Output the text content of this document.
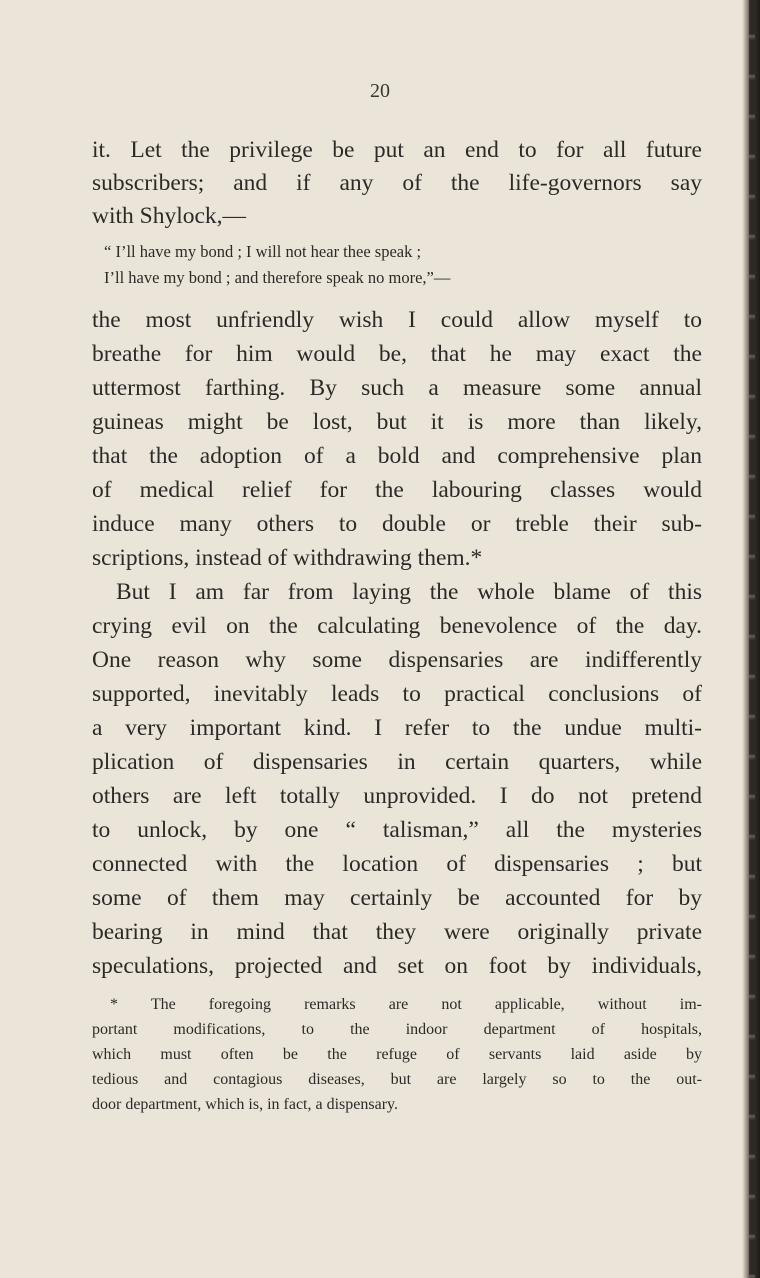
20
it. Let the privilege be put an end to for all future
subscribers; and if any of the life-governors say
with Shylock,—
“ I’ll have my bond ; I will not hear thee speak ;
I’ll have my bond ; and therefore speak no more,”—
the most unfriendly wish I could allow myself to
breathe for him would be, that he may exact the
uttermost farthing. By such a measure some annual
guineas might be lost, but it is more than likely,
that the adoption of a bold and comprehensive plan
of medical relief for the labouring classes would
induce many others to double or treble their sub-
scriptions, instead of withdrawing them.*
But I am far from laying the whole blame of this
crying evil on the calculating benevolence of the day.
One reason why some dispensaries are indifferently
supported, inevitably leads to practical conclusions of
a very important kind. I refer to the undue multi-
plication of dispensaries in certain quarters, while
others are left totally unprovided. I do not pretend
to unlock, by one “ talisman,” all the mysteries
connected with the location of dispensaries ; but
some of them may certainly be accounted for by
bearing in mind that they were originally private
speculations, projected and set on foot by individuals,
* The foregoing remarks are not applicable, without im-
portant modifications, to the indoor department of hospitals,
which must often be the refuge of servants laid aside by
tedious and contagious diseases, but are largely so to the out-
door department, which is, in fact, a dispensary.
